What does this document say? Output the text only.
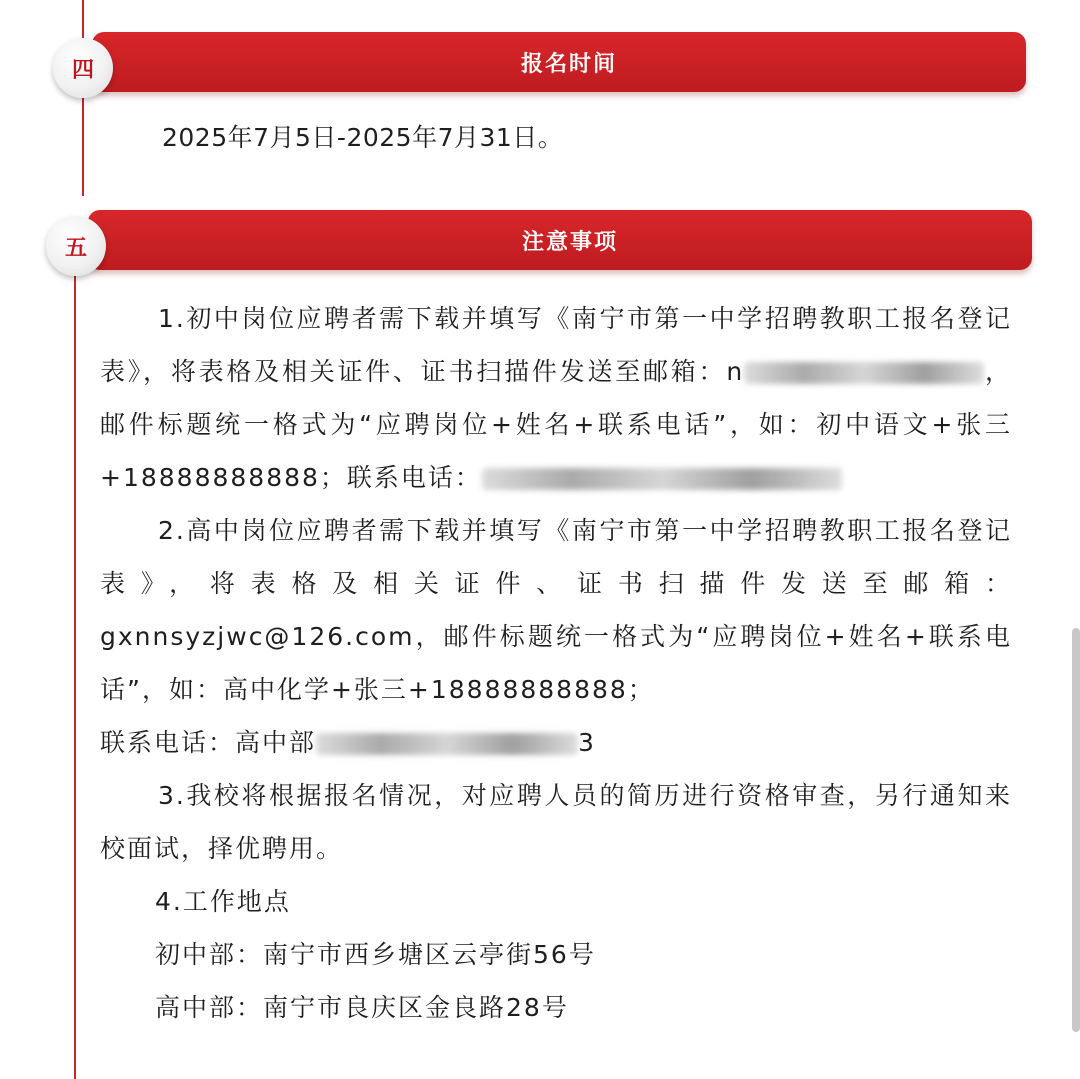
报名时间
四
2025年7月5日-2025年7月31日。
注意事项
五

1.初中岗位应聘者需下载并填写《南宁市第一中学招聘教职工报名登记表》，将表格及相关证件、证书扫描件发送至邮箱：n	，邮件标题统一格式为“应聘岗位+姓名+联系电话”，如：初中语文+张三+18888888888；联系电话：

2.高中岗位应聘者需下载并填写《南宁市第一中学招聘教职工报名登记表》，将表格及相关证件、证书扫描件发送至邮箱：gxnnsyzjwc@126.com，邮件标题统一格式为“应聘岗位+姓名+联系电话”，如：高中化学+张三+18888888888；

联系电话：高中部	3

3.我校将根据报名情况，对应聘人员的简历进行资格审查，另行通知来校面试，择优聘用。

4.工作地点

初中部：南宁市西乡塘区云亭街56号

高中部：南宁市良庆区金良路28号
